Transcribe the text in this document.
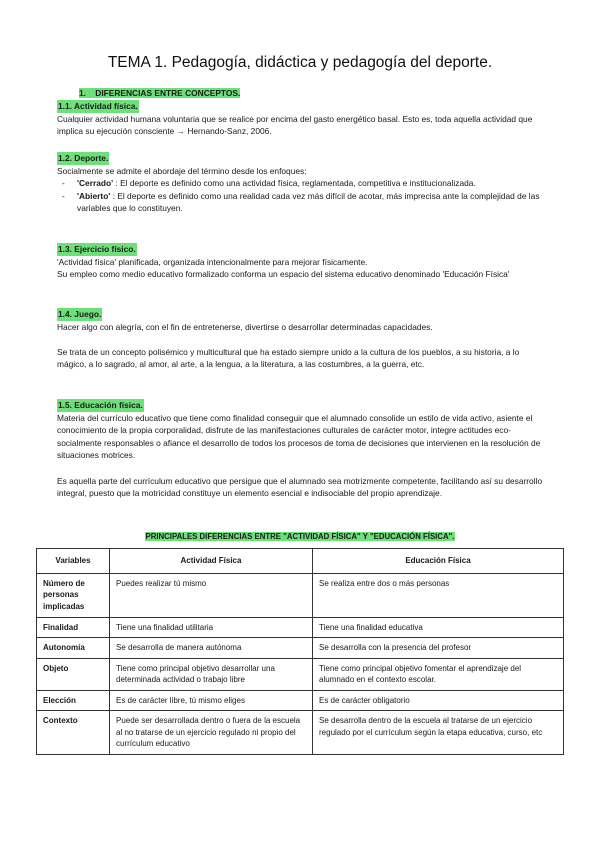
TEMA 1. Pedagogía, didáctica y pedagogía del deporte.
1.    DIFERENCIAS ENTRE CONCEPTOS.
1.1. Actividad física.

Cualquier actividad humana voluntaria que se realice por encima del gasto energético basal. Esto es, toda aquella actividad que implica su ejecución consciente → Hernando-Sanz, 2006.

1.2. Deporte.

Socialmente se admite el abordaje del término desde los enfoques:

- 'Cerrado' : El deporte es definido como una actividad física, reglamentada, competitiva e institucionalizada.
- 'Abierto' : El deporte es definido como una realidad cada vez más difícil de acotar, más imprecisa ante la complejidad de las variables que lo constituyen.
1.3. Ejercicio físico.

'Actividad física' planificada, organizada intencionalmente para mejorar físicamente.

Su empleo como medio educativo formalizado conforma un espacio del sistema educativo denominado 'Educación Física'

1.4. Juego.

Hacer algo con alegría, con el fin de entretenerse, divertirse o desarrollar determinadas capacidades.

Se trata de un concepto polisémico y multicultural que ha estado siempre unido a la cultura de los pueblos, a su historia, a lo mágico, a lo sagrado, al amor, al arte, a la lengua, a la literatura, a las costumbres, a la guerra, etc.

1.5. Educación física.

Materia del currículo educativo que tiene como finalidad conseguir que el alumnado consolide un estilo de vida activo, asiente el conocimiento de la propia corporalidad, disfrute de las manifestaciones culturales de carácter motor, integre actitudes eco-socialmente responsables o afiance el desarrollo de todos los procesos de toma de decisiones que intervienen en la resolución de situaciones motrices.

Es aquella parte del currículum educativo que persigue que el alumnado sea motrizmente competente, facilitando así su desarrollo integral, puesto que la motricidad constituye un elemento esencial e indisociable del propio aprendizaje.

PRINCIPALES DIFERENCIAS ENTRE "ACTIVIDAD FÍSICA" Y "EDUCACIÓN FÍSICA".
Variables	Actividad Física	Educación Física
Número de personas implicadas	Puedes realizar tú mismo	Se realiza entre dos o más personas
Finalidad	Tiene una finalidad utilitaria	Tiene una finalidad educativa
Autonomía	Se desarrolla de manera autónoma	Se desarrolla con la presencia del profesor
Objeto	Tiene como principal objetivo desarrollar una determinada actividad o trabajo libre	Tiene como principal objetivo fomentar el aprendizaje del alumnado en el contexto escolar.
Elección	Es de carácter libre, tú mismo eliges	Es de carácter obligatorio
Contexto	Puede ser desarrollada dentro o fuera de la escuela al no tratarse de un ejercicio regulado ni propio del currículum educativo	Se desarrolla dentro de la escuela al tratarse de un ejercicio regulado por el currículum según la etapa educativa, curso, etc
